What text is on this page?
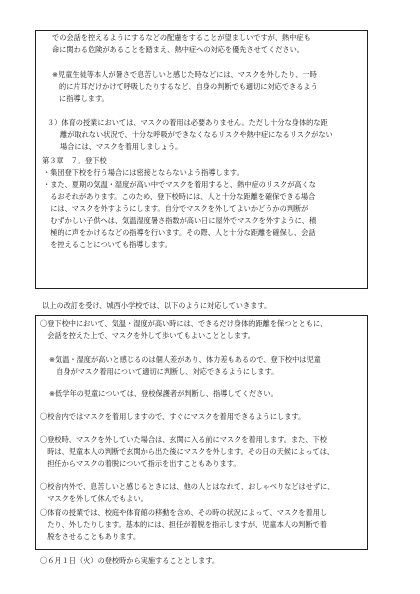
での会話を控えるようにするなどの配慮をすることが望ましいですが、熱中症も
命に関わる危険があることを踏まえ、熱中症への対応を優先させてください。
※児童生徒等本人が暑さで息苦しいと感じた時などには、マスクを外したり、一時
的に片耳だけかけて呼吸したりするなど、自身の判断でも適切に対応できるよう
に指導します。
３）体育の授業においては、マスクの着用は必要ありません。ただし十分な身体的な距
離が取れない状況で、十分な呼吸ができなくなるリスクや熱中症になるリスクがない
場合には、マスクを着用しましょう。
第３章　７．登下校
・集団登下校を行う場合には密接とならないよう指導します。
・また、夏期の気温・湿度が高い中でマスクを着用すると、熱中症のリスクが高くな
　るおそれがあります。このため、登下校時には、人と十分な距離を確保できる場合
　には、マスクを外すようにします。自分でマスクを外してよいかどうかの判断が
　むずかしい子供へは、気温湿度暑さ指数が高い日に屋外でマスクを外すように、積
　極的に声をかけるなどの指導を行います。その際、人と十分な距離を確保し、会話
　を控えることについても指導します。
以上の改訂を受け、城西小学校では、以下のように対応していきます。
〇登下校中において、気温・湿度が高い時には、できるだけ身体的距離を保つとともに、
　会話を控えた上で、マスクを外して歩いてもよいこととします。
※気温・湿度が高いと感じるのは個人差があり、体力差もあるので、登下校中は児童
　自身がマスク着用について適切に判断し、対応できるようにします。
※低学年の児童については、登校保護者が判断し、指導してください。
〇校舎内ではマスクを着用しますので、すぐにマスクを着用できるようにします。
〇登校時、マスクを外していた場合は、玄関に入る前にマスクを着用します。また、下校
　時は、児童本人の判断で玄関から出た後にマスクを外します。その日の天候によっては、
　担任からマスクの着脱について指示を出すこともあります。
〇校舎内外で、息苦しいと感じるときには、他の人とはなれて、おしゃべりなどはせずに、
　マスクを外して休んでもよい。
〇体育の授業では、校庭や体育館の移動を含め、その時の状況によって、マスクを着用し
　たり、外したりします。基本的には、担任が着脱を指示しますが、児童本人の判断で着
　脱をさせることもあります。
〇６月１日（火）の登校時から実施することとします。
